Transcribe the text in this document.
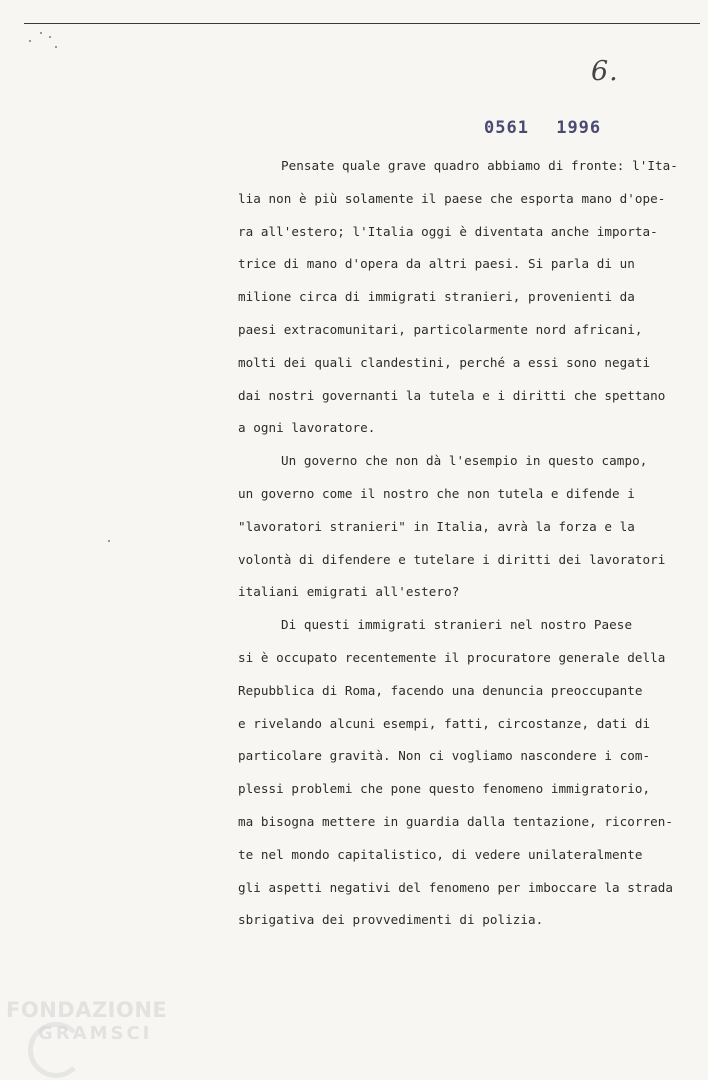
6.
0561 1996
Pensate quale grave quadro abbiamo di fronte: l'Ita-
lia non è più solamente il paese che esporta mano d'ope-
ra all'estero; l'Italia oggi è diventata anche importa-
trice di mano d'opera da altri paesi. Si parla di un
milione circa di immigrati stranieri, provenienti da
paesi extracomunitari, particolarmente nord africani,
molti dei quali clandestini, perché a essi sono negati
dai nostri governanti la tutela e i diritti che spettano
a ogni lavoratore.
Un governo che non dà l'esempio in questo campo,
un governo come il nostro che non tutela e difende i
"lavoratori stranieri" in Italia, avrà la forza e la
volontà di difendere e tutelare i diritti dei lavoratori
italiani emigrati all'estero?
Di questi immigrati stranieri nel nostro Paese
si è occupato recentemente il procuratore generale della
Repubblica di Roma, facendo una denuncia preoccupante
e rivelando alcuni esempi, fatti, circostanze, dati di
particolare gravità. Non ci vogliamo nascondere i com-
plessi problemi che pone questo fenomeno immigratorio,
ma bisogna mettere in guardia dalla tentazione, ricorren-
te nel mondo capitalistico, di vedere unilateralmente
gli aspetti negativi del fenomeno per imboccare la strada
sbrigativa dei provvedimenti di polizia.
FONDAZIONE
GRAMSCI
